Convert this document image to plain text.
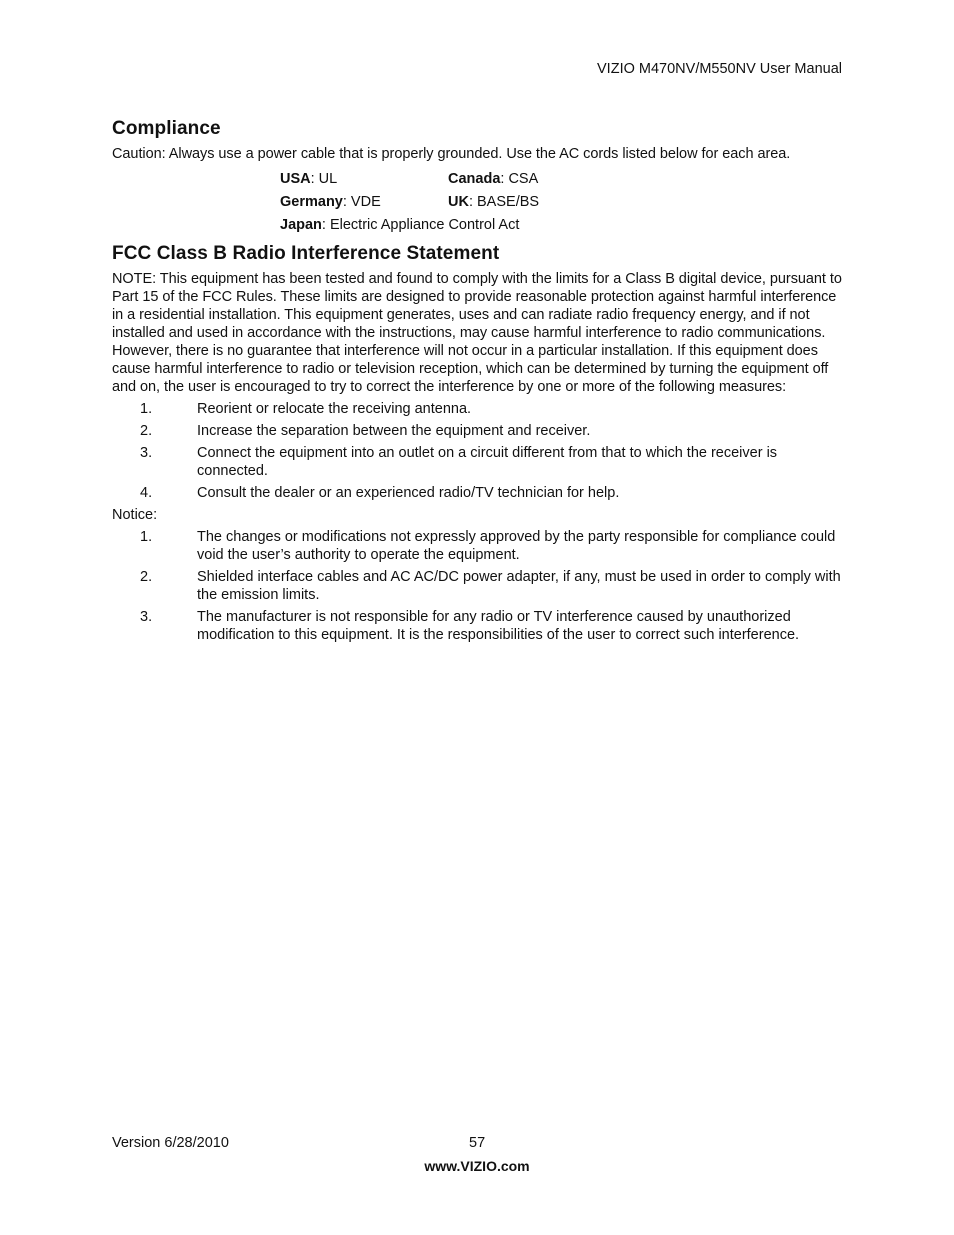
VIZIO M470NV/M550NV User Manual
Compliance

Caution: Always use a power cable that is properly grounded. Use the AC cords listed below for each area.

USA: UL	Canada: CSA
Germany: VDE	UK: BASE/BS
Japan: Electric Appliance Control Act
FCC Class B Radio Interference Statement

NOTE: This equipment has been tested and found to comply with the limits for a Class B digital device, pursuant to Part 15 of the FCC Rules. These limits are designed to provide reasonable protection against harmful interference in a residential installation. This equipment generates, uses and can radiate radio frequency energy, and if not installed and used in accordance with the instructions, may cause harmful interference to radio communications. However, there is no guarantee that interference will not occur in a particular installation. If this equipment does cause harmful interference to radio or television reception, which can be determined by turning the equipment off and on, the user is encouraged to try to correct the interference by one or more of the following measures:

1.	Reorient or relocate the receiving antenna.
2.	Increase the separation between the equipment and receiver.
3.	Connect the equipment into an outlet on a circuit different from that to which the receiver is connected.
4.	Consult the dealer or an experienced radio/TV technician for help.
Notice:
1.	The changes or modifications not expressly approved by the party responsible for compliance could void the user’s authority to operate the equipment.
2.	Shielded interface cables and AC AC/DC power adapter, if any, must be used in order to comply with the emission limits.
3.	The manufacturer is not responsible for any radio or TV interference caused by unauthorized modification to this equipment. It is the responsibilities of the user to correct such interference.
Version 6/28/2010	57
www.VIZIO.com
